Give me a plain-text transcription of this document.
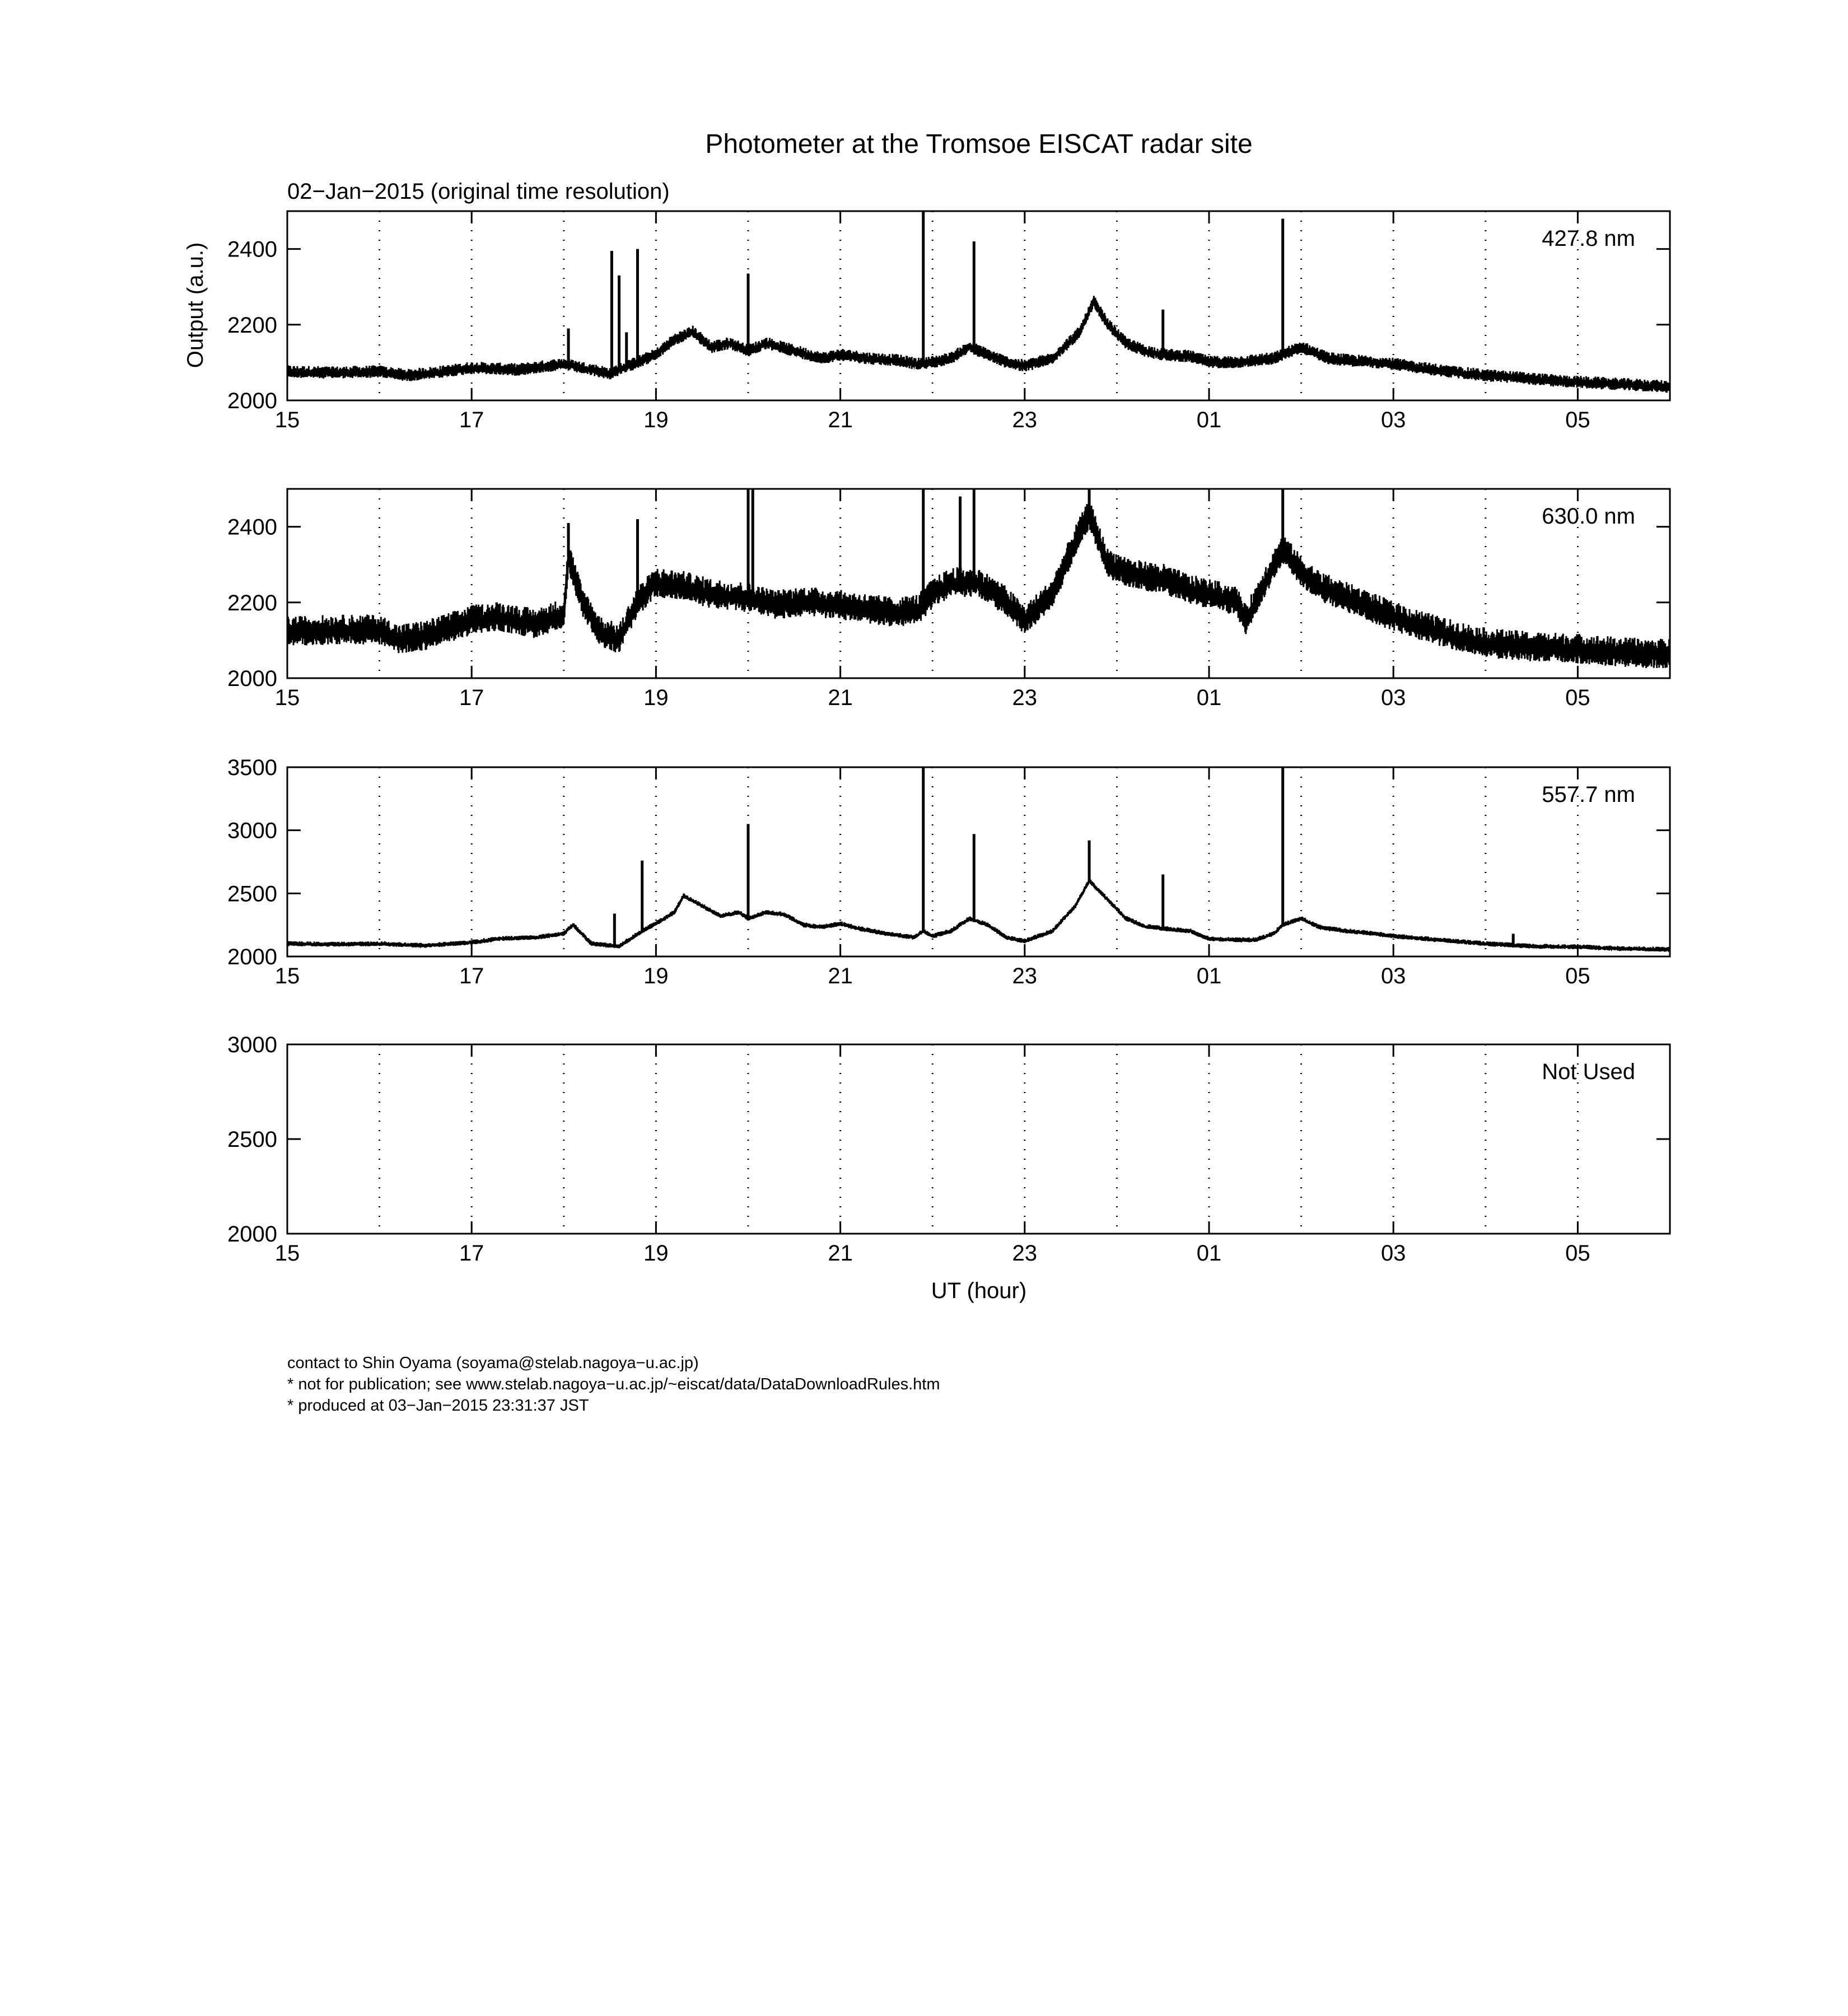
Photometer at the Tromsoe EISCAT radar site
02−Jan−2015 (original time resolution)
Output (a.u.)
UT (hour)
2000
2200
2400
15	17	19	21	23	01	03	05
427.8 nm
2000
2200
2400
15	17	19	21	23	01	03	05
630.0 nm
2000
2500
3000
3500
15	17	19	21	23	01	03	05
557.7 nm
2000
2500
3000
15	17	19	21	23	01	03	05
Not Used
contact to Shin Oyama (soyama@stelab.nagoya−u.ac.jp)
* not for publication; see www.stelab.nagoya−u.ac.jp/~eiscat/data/DataDownloadRules.htm
* produced at 03−Jan−2015 23:31:37 JST
